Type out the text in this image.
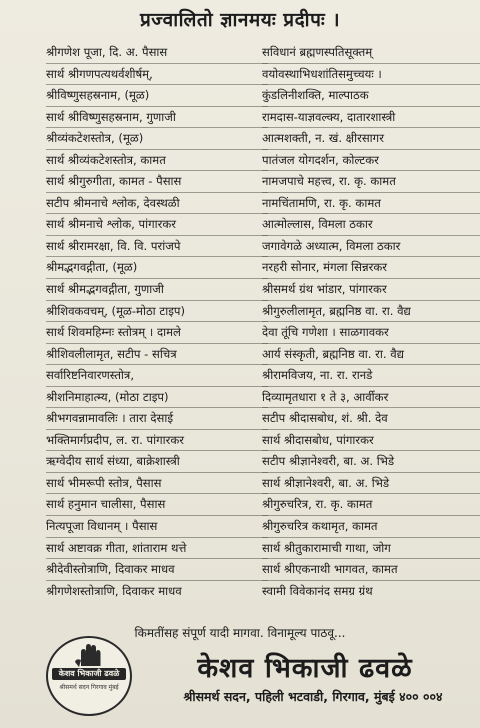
प्रज्वालितो ज्ञानमयः प्रदीपः ।
श्रीगणेश पूजा, दि. अ. पैसास
सार्थ श्रीगणपत्यथर्वशीर्षम्,
श्रीविष्णुसहस्रनाम, (मूळ)
सार्थ श्रीविष्णुसहस्रनाम, गुणाजी
श्रीव्यंकटेशस्तोत्र, (मूळ)
सार्थ श्रीव्यंकटेशस्तोत्र, कामत
सार्थ श्रीगुरुगीता, कामत - पैसास
सटीप श्रीमनाचे श्लोक, देवस्थळी
सार्थ श्रीमनाचे श्लोक, पांगारकर
सार्थ श्रीरामरक्षा, वि. वि. परांजपे
श्रीमद्भगवद्गीता, (मूळ)
सार्थ श्रीमद्भगवद्गीता, गुणाजी
श्रीशिवकवचम्, (मूळ-मोठा टाइप)
सार्थ शिवमहिम्नः स्तोत्रम् । दामले
श्रीशिवलीलामृत, सटीप - सचित्र
सर्वारिष्टनिवारणस्तोत्र,
श्रीशनिमाहात्म्य, (मोठा टाइप)
श्रीभगवन्नामावलिः । तारा देसाई
भक्तिमार्गप्रदीप, ल. रा. पांगारकर
ऋग्वेदीय सार्थ संध्या, बाक्रेशास्त्री
सार्थ भीमरूपी स्तोत्र, पैसास
सार्थ हनुमान चालीसा, पैसास
नित्यपूजा विधानम् । पैसास
सार्थ अष्टावक्र गीता, शांताराम थत्ते
श्रीदेवीस्तोत्राणि, दिवाकर माधव
श्रीगणेशस्तोत्राणि, दिवाकर माधव
सविधानं ब्रह्मणस्पतिसूक्तम्
वयोवस्थाभिधशांतिसमुच्चयः ।
कुंडलिनीशक्ति, माल्पाठक
रामदास-याज्ञवल्क्य, दातारशास्त्री
आत्मशक्ती, न. खं. क्षीरसागर
पातंजल योगदर्शन, कोल्टकर
नामजपाचे महत्त्व, रा. कृ. कामत
नामचिंतामणि, रा. कृ. कामत
आत्मोल्लास, विमला ठकार
जगावेगळे अध्यात्म, विमला ठकार
नरहरी सोनार, मंगला सिन्नरकर
श्रीसमर्थ ग्रंथ भांडार, पांगारकर
श्रीगुरुलीलामृत, ब्रह्मनिष्ठ वा. रा. वैद्य
देवा तूंचि गणेशा । साळगावकर
आर्य संस्कृती, ब्रह्मनिष्ठ वा. रा. वैद्य
श्रीरामविजय, ना. रा. रानडे
दिव्यामृतधारा १ ते ३, आर्वीकर
सटीप श्रीदासबोध, शं. श्री. देव
सार्थ श्रीदासबोध, पांगारकर
सटीप श्रीज्ञानेश्वरी, बा. अ. भिडे
सार्थ श्रीज्ञानेश्वरी, बा. अ. भिडे
श्रीगुरुचरित्र, रा. कृ. कामत
श्रीगुरुचरित्र कथामृत, कामत
सार्थ श्रीतुकारामाची गाथा, जोग
सार्थ श्रीएकनाथी भागवत, कामत
स्वामी विवेकानंद समग्र ग्रंथ
किमतींसह संपूर्ण यादी मागवा. विनामूल्य पाठवू...
केशव भिकाजी ढवळे
श्रीसमर्थ सदन गिरगाव मुंबई
केशव भिकाजी ढवळे
श्रीसमर्थ सदन, पहिली भटवाडी, गिरगाव, मुंबई ४०० ००४
